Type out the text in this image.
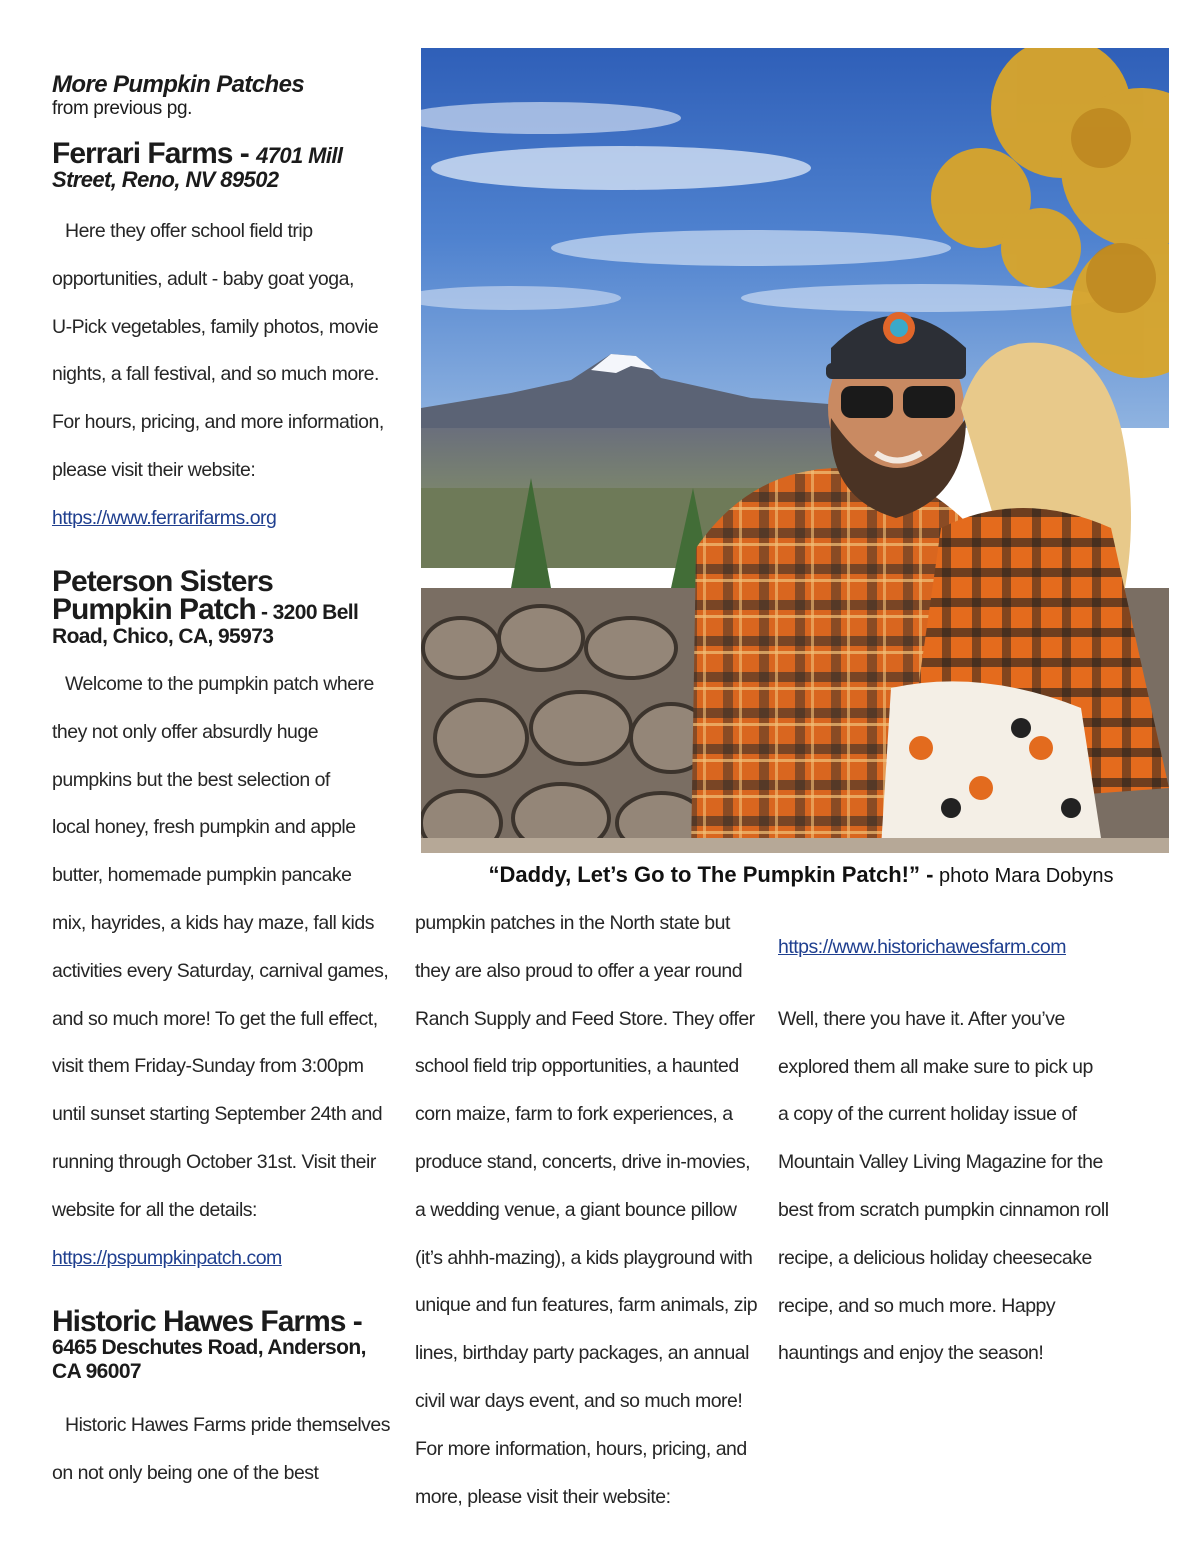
More Pumpkin Patches
from previous pg.
Ferrari Farms - 4701 Mill Street, Reno, NV 89502
Here they offer school field trip
opportunities, adult - baby goat yoga,
U-Pick vegetables, family photos, movie
nights, a fall festival, and so much more.
For hours, pricing, and more information,
please visit their website:
https://www.ferrarifarms.org
Peterson Sisters Pumpkin Patch - 3200 Bell Road, Chico, CA, 95973
Welcome to the pumpkin patch where
they not only offer absurdly huge
pumpkins but the best selection of
local honey, fresh pumpkin and apple
butter, homemade pumpkin pancake
mix, hayrides, a kids hay maze, fall kids
activities every Saturday, carnival games,
and so much more! To get the full effect,
visit them Friday-Sunday from 3:00pm
until sunset starting September 24th and
running through October 31st. Visit their
website for all the details:
https://pspumpkinpatch.com
Historic Hawes Farms -
6465 Deschutes Road, Anderson, CA 96007
Historic Hawes Farms pride themselves
on not only being one of the best
“Daddy, Let’s Go to The Pumpkin Patch!” - photo Mara Dobyns
pumpkin patches in the North state but
they are also proud to offer a year round
Ranch Supply and Feed Store. They offer
school field trip opportunities, a haunted
corn maize, farm to fork experiences, a
produce stand, concerts, drive in-movies,
a wedding venue, a giant bounce pillow
(it’s ahhh-mazing), a kids playground with
unique and fun features, farm animals, zip
lines, birthday party packages, an annual
civil war days event, and so much more!
For more information, hours, pricing, and
more, please visit their website:
https://www.historichawesfarm.com
Well, there you have it. After you’ve
explored them all make sure to pick up
a copy of the current holiday issue of
Mountain Valley Living Magazine for the
best from scratch pumpkin cinnamon roll
recipe, a delicious holiday cheesecake
recipe, and so much more. Happy
hauntings and enjoy the season!
